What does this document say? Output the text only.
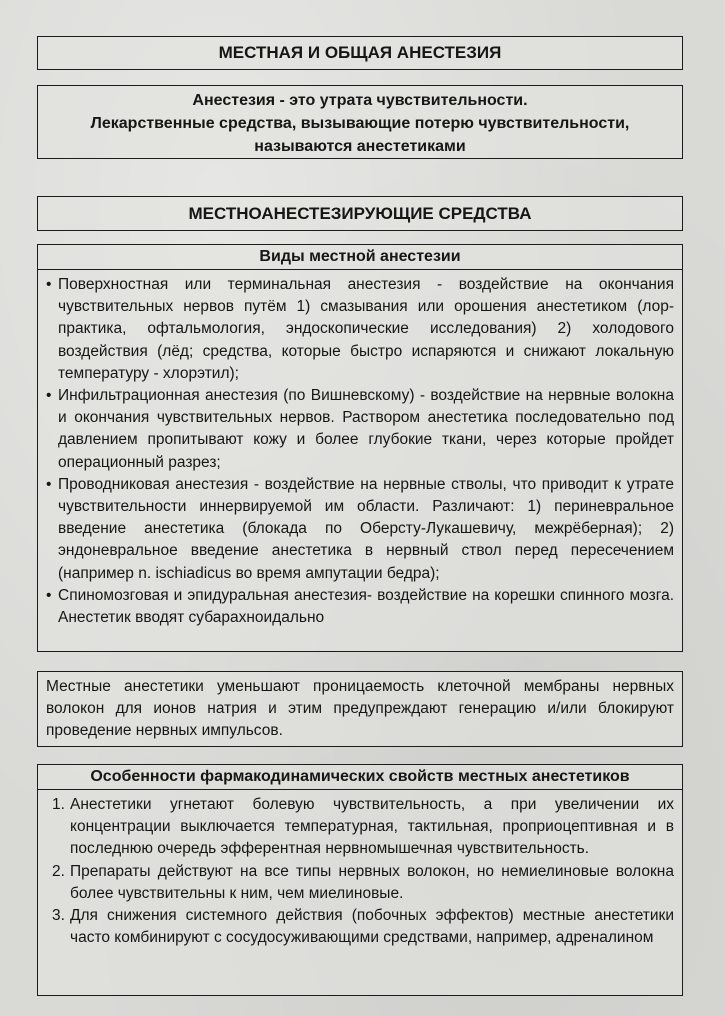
МЕСТНАЯ И ОБЩАЯ АНЕСТЕЗИЯ
Анестезия - это утрата чувствительности.
Лекарственные средства, вызывающие потерю чувствительности,
называются анестетиками
МЕСТНОАНЕСТЕЗИРУЮЩИЕ СРЕДСТВА
Виды местной анестезии
• Поверхностная или терминальная анестезия - воздействие на окончания чувствительных нервов путём 1) смазывания или орошения анестетиком (лор-практика, офтальмология, эндоскопические исследования) 2) холодового воздействия (лёд; средства, которые быстро испаряются и снижают локальную температуру - хлорэтил);
• Инфильтрационная анестезия (по Вишневскому) - воздействие на нервные волокна и окончания чувствительных нервов. Раствором анестетика последовательно под давлением пропитывают кожу и более глубокие ткани, через которые пройдет операционный разрез;
• Проводниковая анестезия - воздействие на нервные стволы, что приводит к утрате чувствительности иннервируемой им области. Различают: 1) периневральное введение анестетика (блокада по Оберсту-Лукашевичу, межрёберная); 2) эндоневральное введение анестетика в нервный ствол перед пересечением (например n. ischiadicus во время ампутации бедра);
• Спиномозговая и эпидуральная анестезия- воздействие на корешки спинного мозга. Анестетик вводят субарахноидально
Местные анестетики уменьшают проницаемость клеточной мембраны нервных волокон для ионов натрия и этим предупреждают генерацию и/или блокируют проведение нервных импульсов.
Особенности фармакодинамических свойств местных анестетиков
1. Анестетики угнетают болевую чувствительность, а при увеличении их концентрации выключается температурная, тактильная, проприоцептивная и в последнюю очередь эфферентная нервномышечная чувствительность.
2. Препараты действуют на все типы нервных волокон, но немиелиновые волокна более чувствительны к ним, чем миелиновые.
3. Для снижения системного действия (побочных эффектов) местные анестетики часто комбинируют с сосудосуживающими средствами, например, адреналином
